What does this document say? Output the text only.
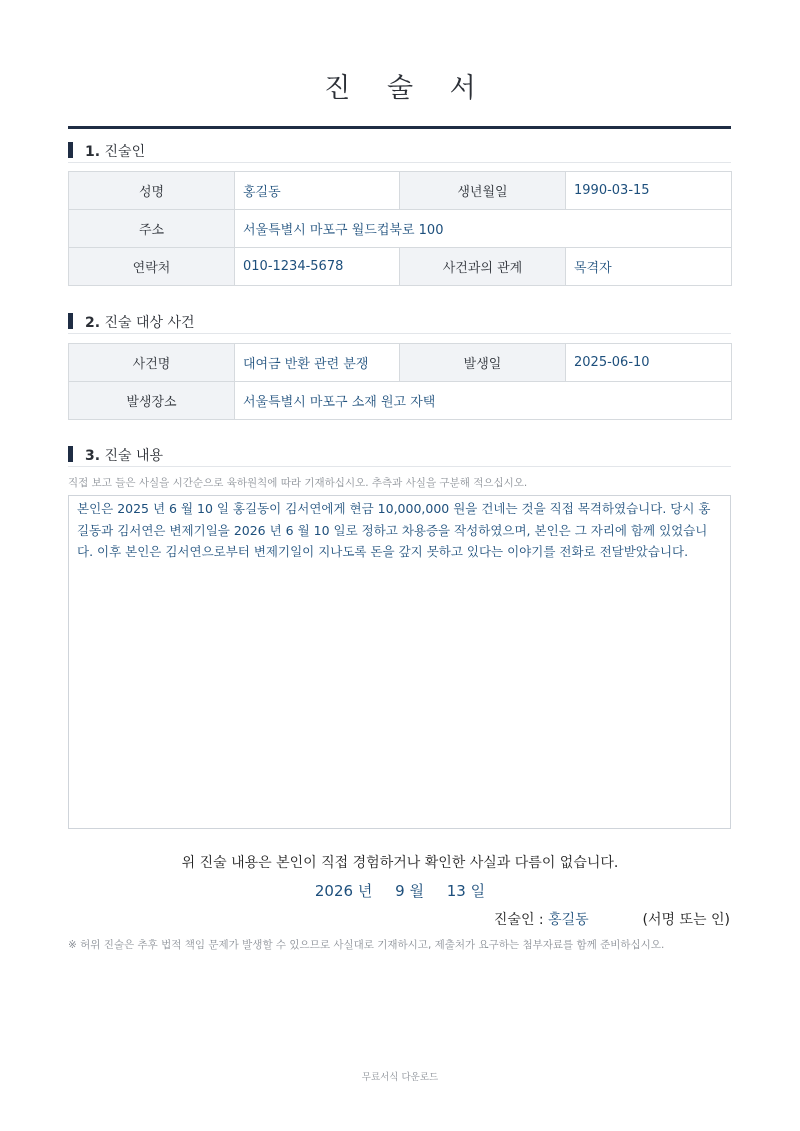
진 술 서
1. 진술인
성명	홍길동	생년월일	1990-03-15
주소	서울특별시 마포구 월드컵북로 100		
연락처	010-1234-5678	사건과의 관계	목격자
2. 진술 대상 사건
사건명	대여금 반환 관련 분쟁	발생일	2025-06-10
발생장소	서울특별시 마포구 소재 원고 자택		
3. 진술 내용
직접 보고 들은 사실을 시간순으로 육하원칙에 따라 기재하십시오. 추측과 사실을 구분해 적으십시오.
본인은 2025 년 6 월 10 일 홍길동이 김서연에게 현금 10,000,000 원을 건네는 것을 직접 목격하였습니다. 당시 홍길동과 김서연은 변제기일을 2026 년 6 월 10 일로 정하고 차용증을 작성하였으며, 본인은 그 자리에 함께 있었습니다. 이후 본인은 김서연으로부터 변제기일이 지나도록 돈을 갚지 못하고 있다는 이야기를 전화로 전달받았습니다.
위 진술 내용은 본인이 직접 경험하거나 확인한 사실과 다름이 없습니다.
2026 년 9 월 13 일
진술인 : 홍길동	(서명 또는 인)
※ 허위 진술은 추후 법적 책임 문제가 발생할 수 있으므로 사실대로 기재하시고, 제출처가 요구하는 첨부자료를 함께 준비하십시오.
무료서식 다운로드
